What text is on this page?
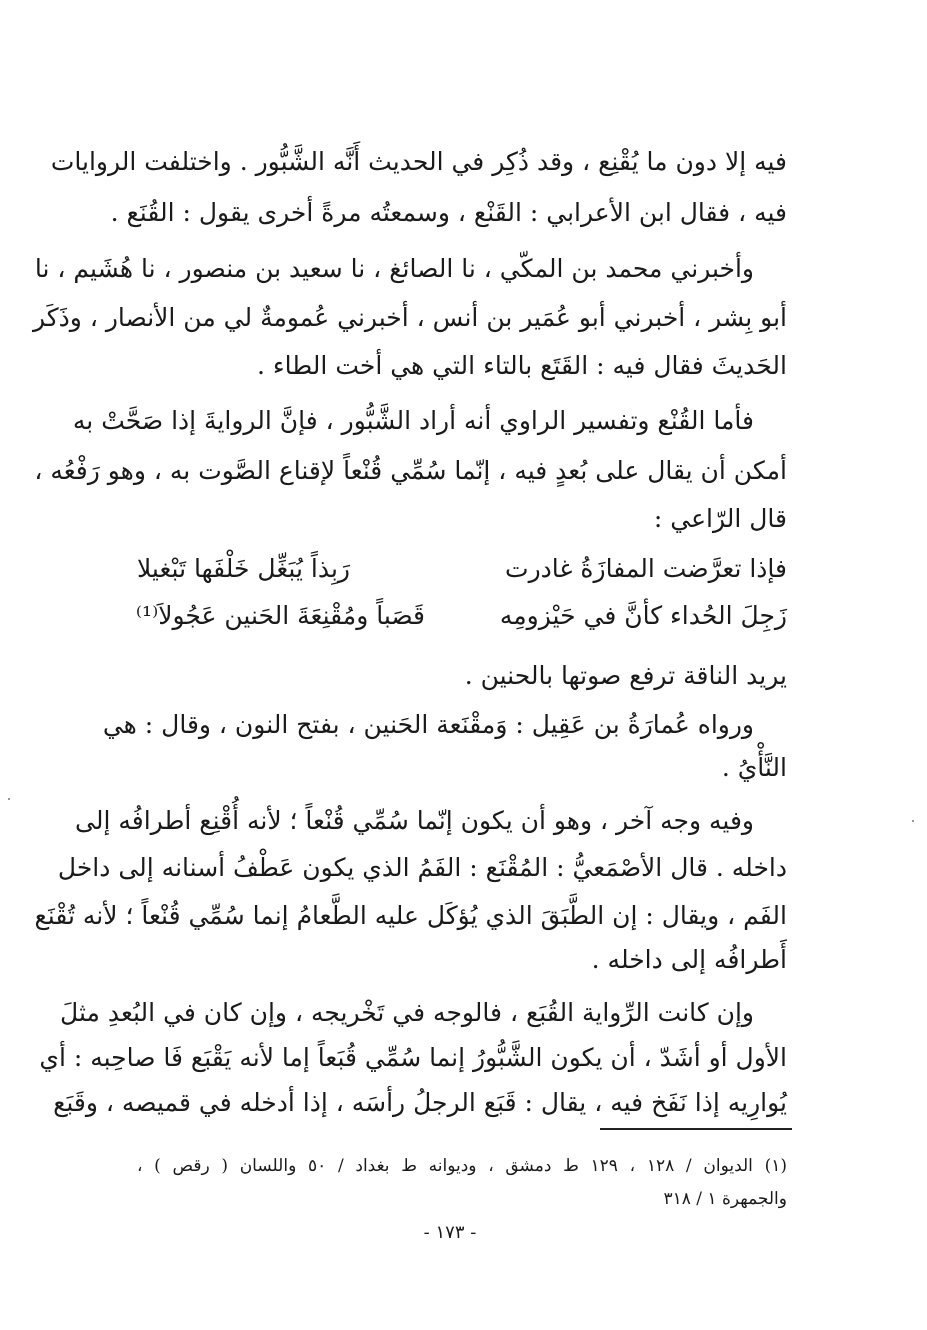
فيه إلا دون ما يُقْنِع ، وقد ذُكِر في الحديث أَنَّه الشَّبُّور . واختلفت الروايات
فيه ، فقال ابن الأعرابي : القَنْع ، وسمعتُه مرةً أخرى يقول : القُنَع .
وأخبرني محمد بن المكّي ، نا الصائغ ، نا سعيد بن منصور ، نا هُشَيم ، نا
أبو بِشر ، أخبرني أبو عُمَير بن أنس ، أخبرني عُمومةٌ لي من الأنصار ، وذَكَر
الحَديثَ فقال فيه : القَتَع بالتاء التي هي أخت الطاء .
فأما القُنْع وتفسير الراوي أنه أراد الشَّبُّور ، فإنَّ الروايةَ إذا صَحَّتْ به
أمكن أن يقال على بُعدٍ فيه ، إنّما سُمِّي قُنْعاً لإقناع الصَّوت به ، وهو رَفْعُه ،
قال الرّاعي :
فإذا تعرَّضت المفازَةُ غادرت
رَبِذاً يُبَغِّل خَلْفَها تَبْغيلا
زَجِلَ الحُداء كأنَّ في حَيْزومِه
قَصَباً ومُقْنِعَةَ الحَنين عَجُولاَ⁽¹⁾
يريد الناقة ترفع صوتها بالحنين .
ورواه عُمارَةُ بن عَقِيل : وَمقْنَعة الحَنين ، بفتح النون ، وقال : هي
النَّأْيُ .
وفيه وجه آخر ، وهو أن يكون إنّما سُمِّي قُنْعاً ؛ لأنه أُقْنِع أطرافُه إلى
داخله . قال الأصْمَعيُّ : المُقْنَع : الفَمُ الذي يكون عَطْفُ أسنانه إلى داخل
الفَم ، ويقال : إن الطَّبَقَ الذي يُؤكَل عليه الطَّعامُ إنما سُمِّي قُنْعاً ؛ لأنه تُقْنَع
أَطرافُه إلى داخله .
وإن كانت الرِّواية القُبَع ، فالوجه في تَخْريجه ، وإن كان في البُعدِ مثلَ
الأول أو أشَدّ ، أن يكون الشَّبُّورُ إنما سُمِّي قُبَعاً إما لأنه يَقْبَع فَا صاحِبه : أي
يُوارِيه إذا نَفَخ فيه ، يقال : قَبَع الرجلُ رأسَه ، إذا أدخله في قميصه ، وقَبَع
(١) الديوان / ١٢٨ ، ١٢٩ ط دمشق ، وديوانه ط بغداد / ٥٠ واللسان ( رقص ) ،
والجمهرة ١ / ٣١٨
- ١٧٣ -
